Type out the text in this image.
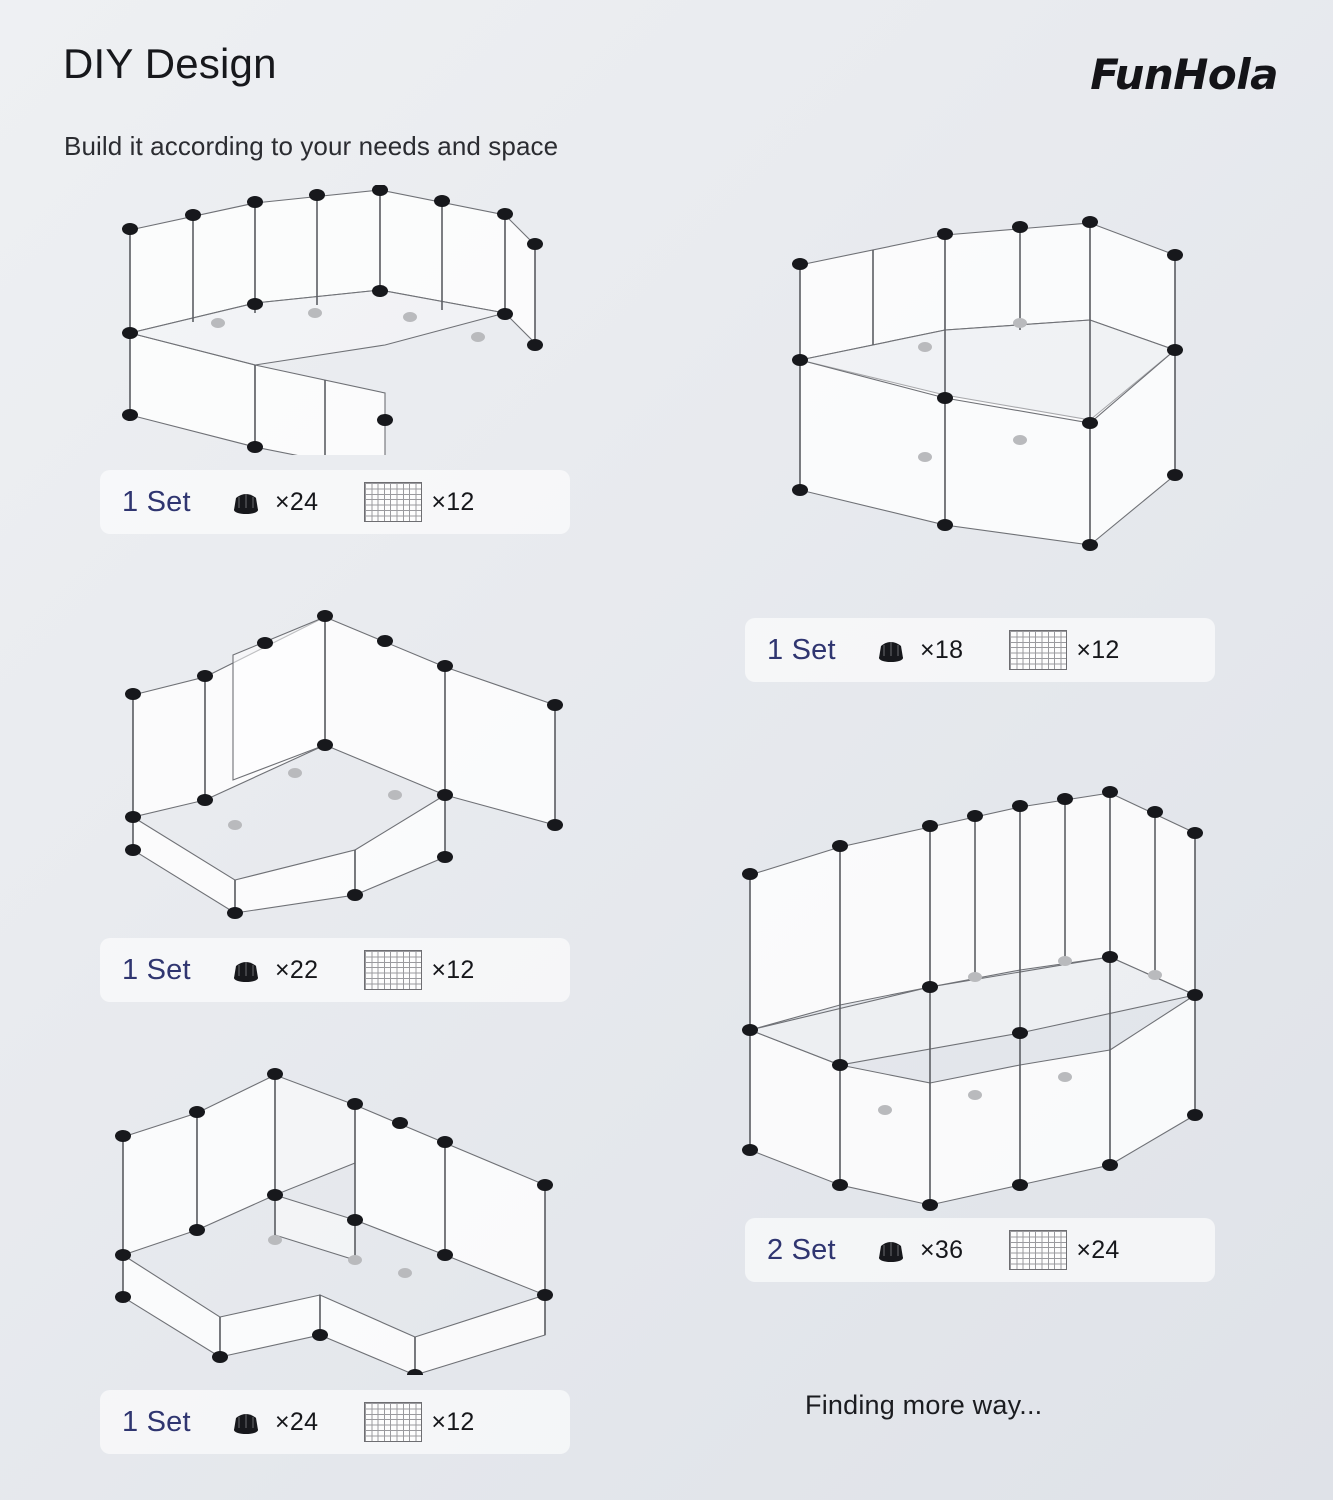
DIY Design
Build it according to your needs and space
FunHola
1 Set	×24	×12
1 Set	×18	×12
1 Set	×22	×12
2 Set	×36	×24
1 Set	×24	×12
Finding more way...
